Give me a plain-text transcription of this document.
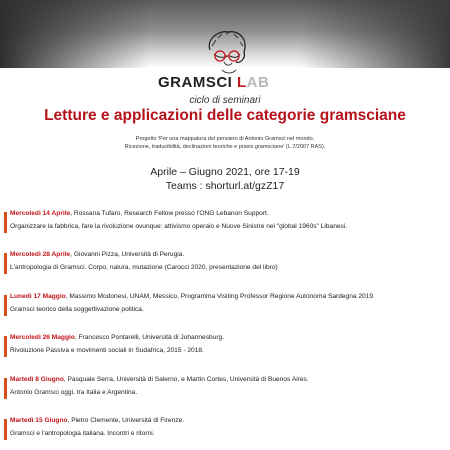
GRAMSCI LAB
ciclo di seminari
Letture e applicazioni delle categorie gramsciane
Progetto 'Per una mappatura del pensiero di Antonio Gramsci nel mondo.
Ricezione, traducibilità, declinazioni teoriche e praxis gramsciane' (L.7/2007 RAS).
Aprile – Giugno 2021, ore 17-19
Teams : shorturl.at/gzZ17
Mercoledì 14 Aprile, Rossana Tufaro, Research Fellow presso l'ONG Lebanon Support.
Organizzare la fabbrica, fare la rivoluzione ovunque: attivismo operaio e Nuove Sinistre nei "global 1960s" Libanesi.
Mercoledì 28 Aprile, Giovanni Pizza, Università di Perugia.
L'antropologia di Gramsci. Corpo, natura, mutazione (Carocci 2020, presentazione del libro)
Lunedì 17 Maggio, Massimo Modonesi, UNAM, Messico, Programma Visiting Professor Regione Autonoma Sardegna 2019.
Gramsci teorico della soggettivazione politica.
Mercoledì 26 Maggio, Francesco Pontarelli, Università di Johannesburg.
Rivoluzione Passiva e movimenti sociali in Sudafrica, 2015 - 2018.
Martedì 8 Giugno, Pasquale Serra, Università di Salerno, e Martin Cortes, Università di Buenos Aires.
Antonio Gramsci oggi, tra Italia e Argentina.
Martedì 15 Giugno, Pietro Clemente, Università di Firenze.
Gramsci e l'antropologia italiana. Incontri e ritorni.
